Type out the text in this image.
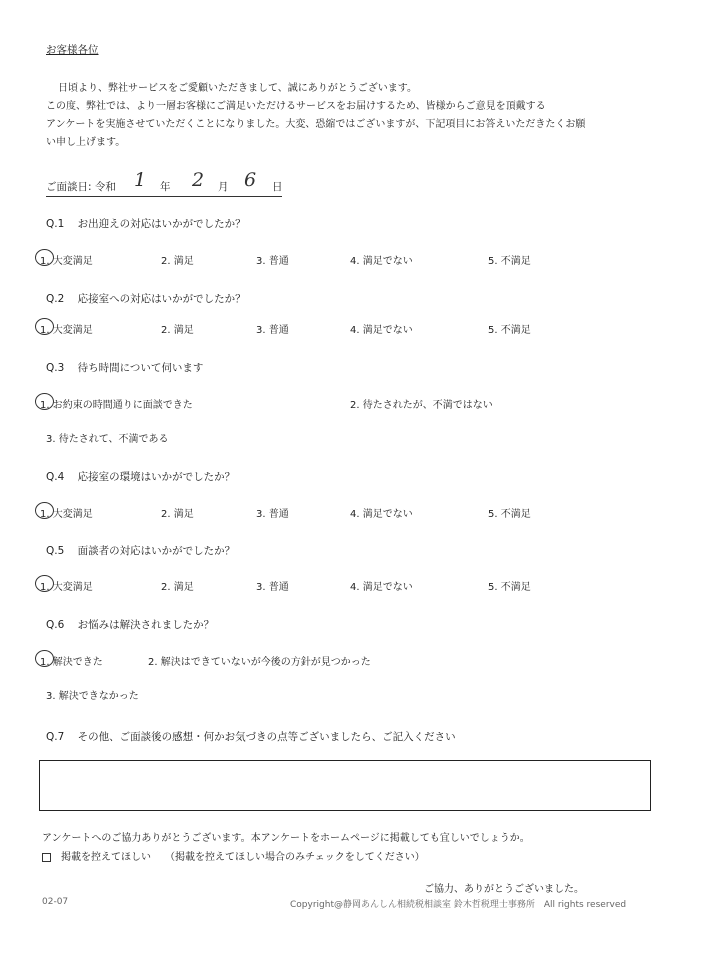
お客様各位
日頃より、弊社サービスをご愛顧いただきまして、誠にありがとうございます。
この度、弊社では、より一層お客様にご満足いただけるサービスをお届けするため、皆様からご意見を頂戴する
アンケートを実施させていただくことになりました。大変、恐縮ではございますが、下記項目にお答えいただきたくお願
い申し上げます。
ご面談日: 令和 1 年 2 月 6 日
Q.1 お出迎えの対応はいかがでしたか？
1. 大変満足	2. 満足	3. 普通	4. 満足でない	5. 不満足
Q.2 応接室への対応はいかがでしたか？
1. 大変満足	2. 満足	3. 普通	4. 満足でない	5. 不満足
Q.3 待ち時間について伺います
1. お約束の時間通りに面談できた	2. 待たされたが、不満ではない
3. 待たされて、不満である
Q.4 応接室の環境はいかがでしたか？
1. 大変満足	2. 満足	3. 普通	4. 満足でない	5. 不満足
Q.5 面談者の対応はいかがでしたか？
1. 大変満足	2. 満足	3. 普通	4. 満足でない	5. 不満足
Q.6 お悩みは解決されましたか？
1. 解決できた	2. 解決はできていないが今後の方針が見つかった
3. 解決できなかった
Q.7 その他、ご面談後の感想・何かお気づきの点等ございましたら、ご記入ください
アンケートへのご協力ありがとうございます。本アンケートをホームページに掲載しても宜しいでしょうか。
掲載を控えてほしい （掲載を控えてほしい場合のみチェックをしてください）
ご協力、ありがとうございました。
02-07	Copyright@静岡あんしん相続税相談室 鈴木哲税理士事務所　All rights reserved
